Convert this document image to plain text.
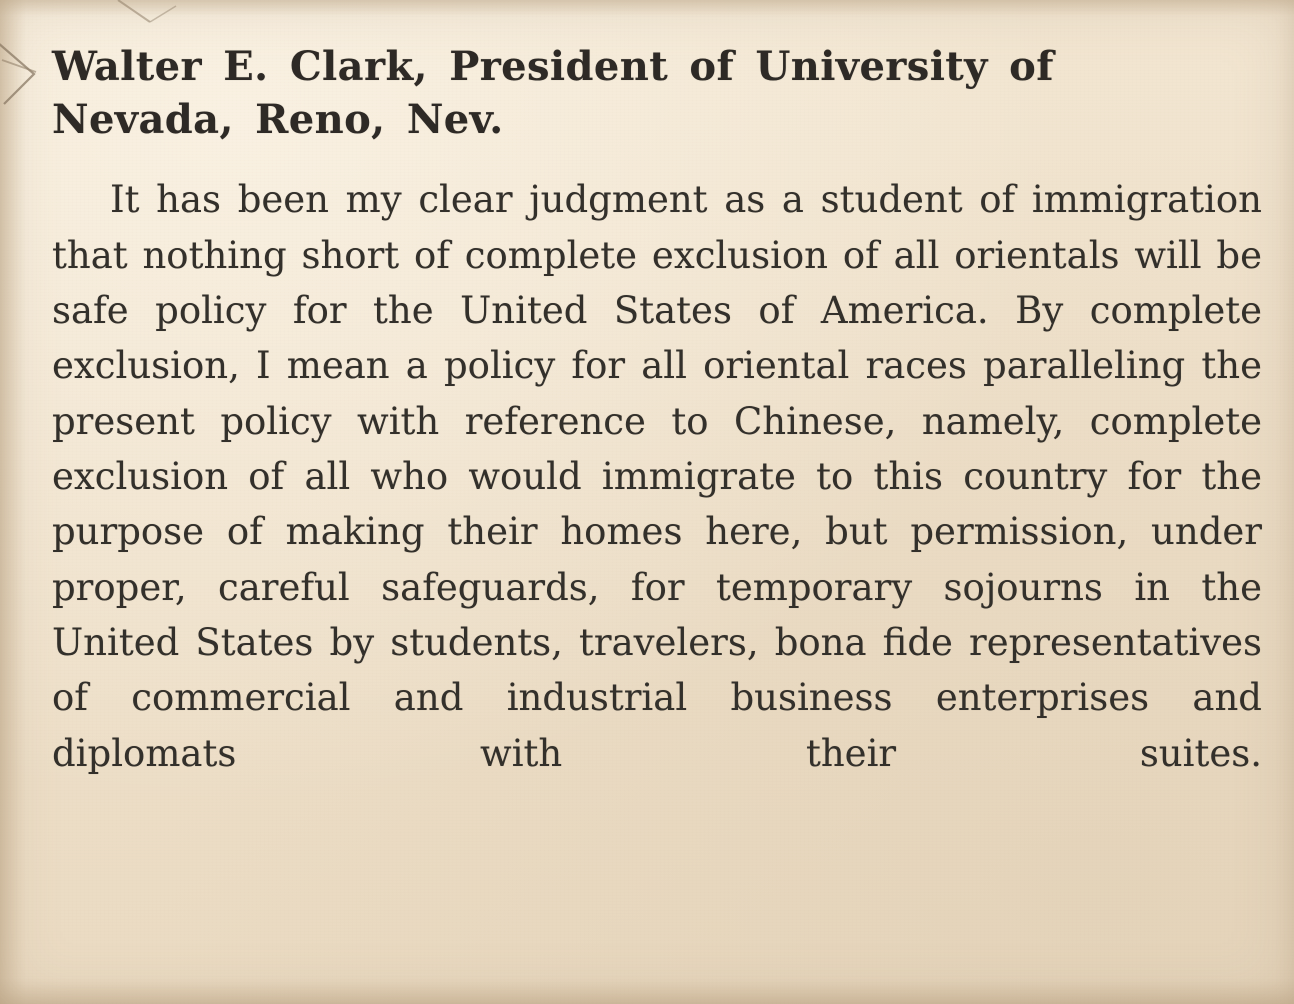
Walter E. Clark, President of University of Nevada, Reno, Nev.

It has been my clear judgment as a student of immigration that nothing short of complete exclusion of all orientals will be safe policy for the United States of America. By complete exclusion, I mean a policy for all oriental races paralleling the present policy with reference to Chinese, namely, complete exclusion of all who would immigrate to this country for the purpose of making their homes here, but permission, under proper, careful safeguards, for temporary sojourns in the United States by students, travelers, bona fide representatives of commercial and industrial business enterprises and diplomats with their suites.
